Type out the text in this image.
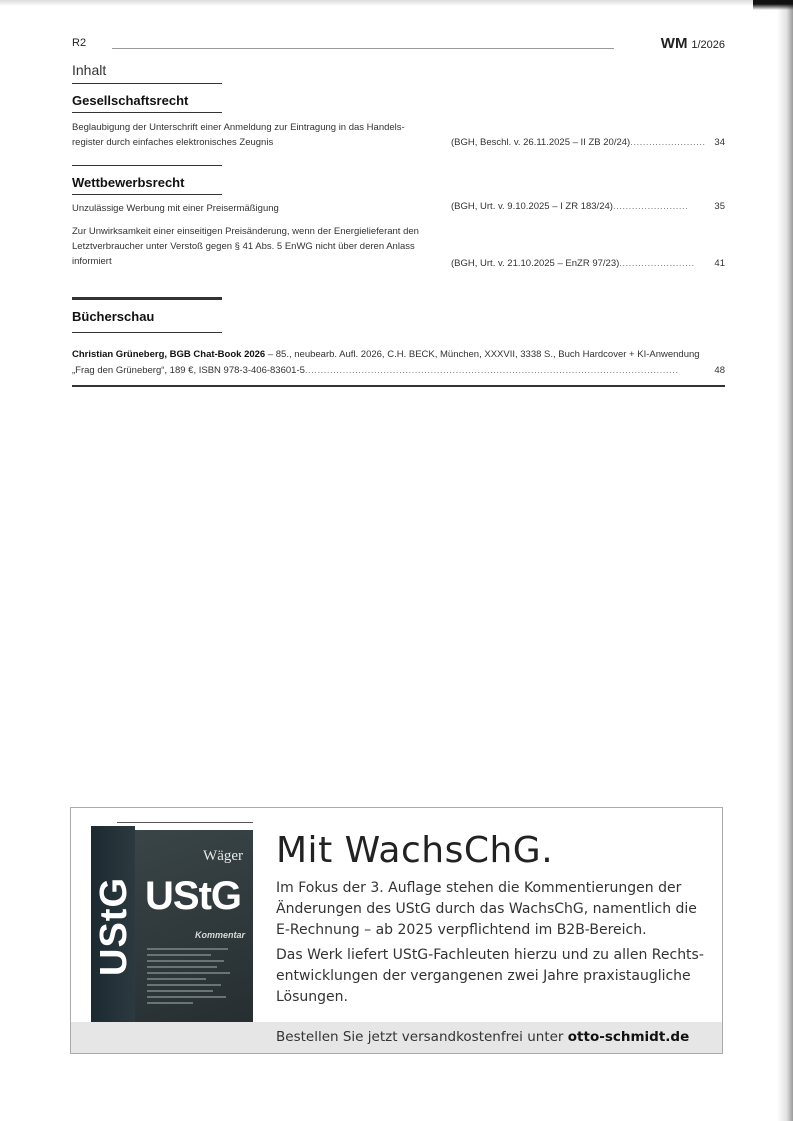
R2	WM 1/2026
Inhalt
Gesellschaftsrecht
Beglaubigung der Unterschrift einer Anmeldung zur Eintragung in das Handelsregister durch einfaches elektronisches Zeugnis	(BGH, Beschl. v. 26.11.2025 – II ZB 20/24)........................ 34
Wettbewerbsrecht
Unzulässige Werbung mit einer Preisermäßigung	(BGH, Urt. v. 9.10.2025 – I ZR 183/24)........................	35
Zur Unwirksamkeit einer einseitigen Preisänderung, wenn der Energielieferant den Letztverbraucher unter Verstoß gegen § 41 Abs. 5 EnWG nicht über deren Anlass informiert	(BGH, Urt. v. 21.10.2025 – EnZR 97/23)........................ 41
Bücherschau
Christian Grüneberg, BGB Chat-Book 2026 – 85., neubearb. Aufl. 2026, C.H. BECK, München, XXXVII, 3338 S., Buch Hardcover + KI-Anwendung
„Frag den Grüneberg“, 189 €, ISBN 978-3-406-83601-5.......................................................................................................................	48
UStG
Wäger
UStG
Kommentar
Mit WachsChG.
Im Fokus der 3. Auflage stehen die Kommentierungen der Änderungen des UStG durch das WachsChG, namentlich die E-Rechnung – ab 2025 verpflichtend im B2B-Bereich.
Das Werk liefert UStG-Fachleuten hierzu und zu allen Rechtsentwicklungen der vergangenen zwei Jahre praxistaugliche Lösungen.
Bestellen Sie jetzt versandkostenfrei unter otto-schmidt.de
